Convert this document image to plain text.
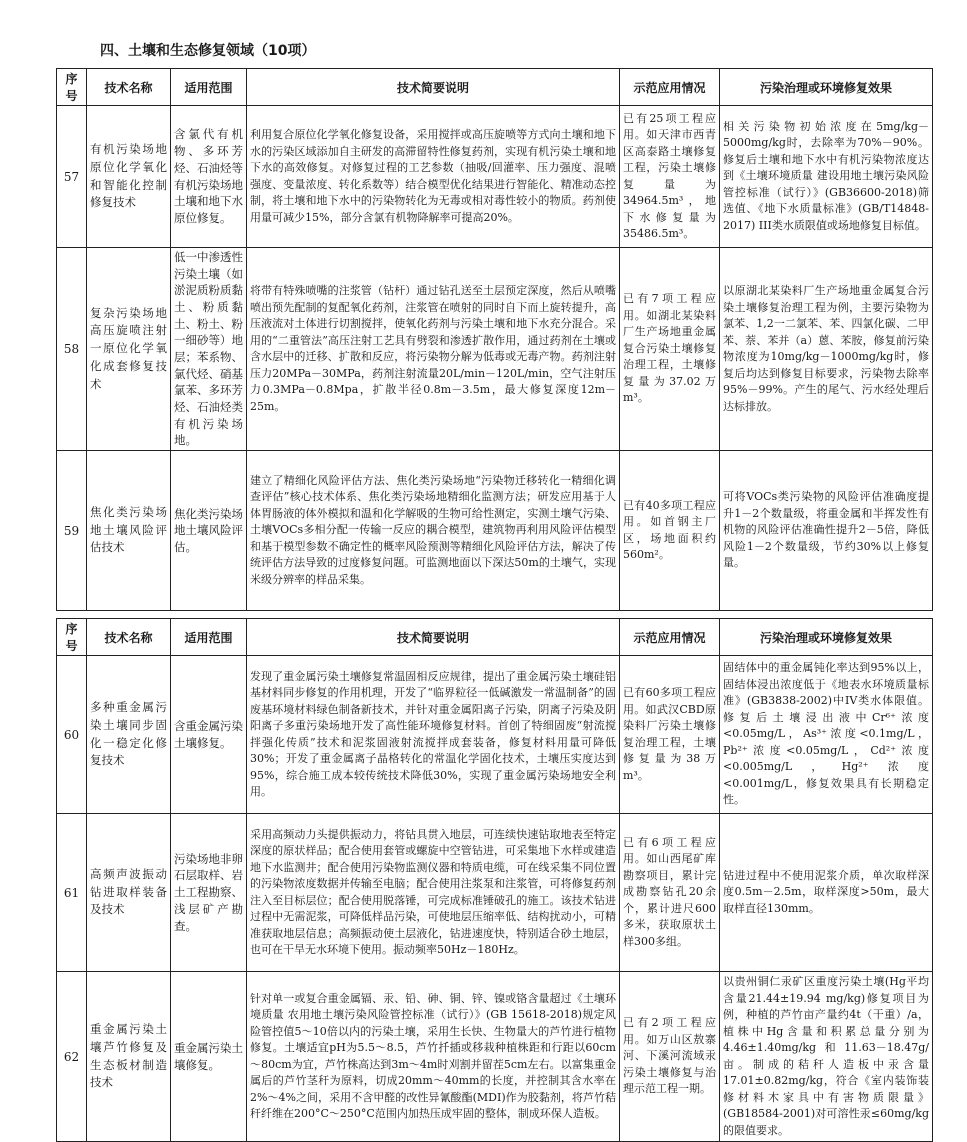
四、土壤和生态修复领域（10项）
序号	技术名称	适用范围	技术简要说明	示范应用情况	污染治理或环境修复效果
57	有机污染场地原位化学氧化和智能化控制修复技术	含氯代有机物、多环芳烃、石油烃等有机污染场地土壤和地下水原位修复。	利用复合原位化学氧化修复设备，采用搅拌或高压旋喷等方式向土壤和地下水的污染区域添加自主研发的高滞留特性修复药剂，实现有机污染土壤和地下水的高效修复。对修复过程的工艺参数（抽吸/回灌率、压力强度、混喷强度、变量浓度、转化系数等）结合模型优化结果进行智能化、精准动态控制，将土壤和地下水中的污染物转化为无毒或相对毒性较小的物质。药剂使用量可减少15%，部分含氯有机物降解率可提高20%。	已有25项工程应用。如天津市西青区高泰路土壤修复工程，污染土壤修复量为34964.5m³，地下水修复量为35486.5m³。	相关污染物初始浓度在5mg/kg－5000mg/kg时，去除率为70%－90%。修复后土壤和地下水中有机污染物浓度达到《土壤环境质量 建设用地土壤污染风险管控标准（试行）》(GB36600-2018)筛选值、《地下水质量标准》(GB/T14848-2017) III类水质限值或场地修复目标值。
58	复杂污染场地高压旋喷注射一原位化学氧化成套修复技术	低一中渗透性污染土壤（如淤泥质粉质黏土、粉质黏土、粉土、粉一细砂等）地层；苯系物、氯代烃、硝基氯苯、多环芳烃、石油烃类有机污染场地。	将带有特殊喷嘴的注浆管（钻杆）通过钻孔送至土层预定深度，然后从喷嘴喷出预先配制的复配氧化药剂，注浆管在喷射的同时自下而上旋转提升，高压液流对土体进行切割搅拌，使氧化药剂与污染土壤和地下水充分混合。采用的“二重管法”高压注射工艺具有劈裂和渗透扩散作用，通过药剂在土壤或含水层中的迁移、扩散和反应，将污染物分解为低毒或无毒产物。药剂注射压力20MPa－30MPa，药剂注射流量20L/min－120L/min，空气注射压力0.3MPa－0.8Mpa，扩散半径0.8m－3.5m，最大修复深度12m－25m。	已有7项工程应用。如湖北某染料厂生产场地重金属复合污染土壤修复治理工程，土壤修复量为37.02万m³。	以原湖北某染料厂生产场地重金属复合污染土壤修复治理工程为例，主要污染物为氯苯、1,2一二氯苯、苯、四氯化碳、二甲苯、萘、苯并（a）蒽、苯胺，修复前污染物浓度为10mg/kg－1000mg/kg时，修复后均达到修复目标要求，污染物去除率95%－99%。产生的尾气、污水经处理后达标排放。
59	焦化类污染场地土壤风险评估技术	焦化类污染场地土壤风险评估。	建立了精细化风险评估方法、焦化类污染场地“污染物迁移转化一精细化调查评估”核心技术体系、焦化类污染场地精细化监测方法；研发应用基于人体胃肠液的体外模拟和温和化学解吸的生物可给性测定，实测土壤气污染、土壤VOCs多相分配一传输一反应的耦合模型，建筑物再利用风险评估模型和基于模型参数不确定性的概率风险预测等精细化风险评估方法，解决了传统评估方法导致的过度修复问题。可监测地面以下深达50m的土壤气，实现米级分辨率的样品采集。	已有40多项工程应用。如首钢主厂区，场地面积约560m²。	可将VOCs类污染物的风险评估准确度提升1－2个数量级，将重金属和半挥发性有机物的风险评估准确性提升2－5倍，降低风险1－2个数量级，节约30%以上修复量。
序号	技术名称	适用范围	技术简要说明	示范应用情况	污染治理或环境修复效果
60	多种重金属污染土壤同步固化一稳定化修复技术	含重金属污染土壤修复。	发现了重金属污染土壤修复常温固相反应规律，提出了重金属污染土壤硅铝基材料同步修复的作用机理，开发了“临界粒径一低碱激发一常温制备”的固废基环境材料绿色制备新技术，并针对重金属阳离子污染，阴离子污染及阴阳离子多重污染场地开发了高性能环境修复材料。首创了特细固废“射流搅拌强化传质”技术和泥浆固液射流搅拌成套装备，修复材料用量可降低30%；开发了重金属离子晶格转化的常温化学固化技术，土壤压实度达到95%，综合施工成本较传统技术降低30%，实现了重金属污染场地安全利用。	已有60多项工程应用。如武汉CBD原染料厂污染土壤修复治理工程，土壤修复量为38万m³。	固结体中的重金属钝化率达到95%以上，固结体浸出浓度低于《地表水环境质量标准》(GB3838-2002)中IV类水体限值。修复后土壤浸出液中Cr⁶⁺浓度<0.05mg/L，As³⁺浓度<0.1mg/L，Pb²⁺浓度<0.05mg/L，Cd²⁺浓度<0.005mg/L，Hg²⁺浓度<0.001mg/L，修复效果具有长期稳定性。
61	高频声波振动钻进取样装备及技术	污染场地非卵石层取样、岩土工程勘察、浅层矿产勘查。	采用高频动力头提供振动力，将钻具贯入地层，可连续快速钻取地表至特定深度的原状样品；配合使用套管或螺旋中空管钻进，可采集地下水样或建造地下水监测井；配合使用污染物监测仪器和特质电缆，可在线采集不同位置的污染物浓度数据并传输至电脑；配合使用注浆泵和注浆管，可将修复药剂注入至目标层位；配合使用脱落锤，可完成标准锤破孔的施工。该技术钻进过程中无需泥浆，可降低样品污染，可使地层压缩率低、结构扰动小，可精准获取地层信息；高频振动使土层液化，钻进速度快，特别适合砂土地层，也可在干旱无水环境下使用。振动频率50Hz－180Hz。	已有6项工程应用。如山西尾矿库勘察项目，累计完成勘察钻孔20余个，累计进尺600多米，获取原状土样300多组。	钻进过程中不使用泥浆介质，单次取样深度0.5m－2.5m，取样深度>50m，最大取样直径130mm。
62	重金属污染土壤芦竹修复及生态板材制造技术	重金属污染土壤修复。	针对单一或复合重金属镉、汞、铅、砷、铜、锌、镍或铬含量超过《土壤环境质量 农用地土壤污染风险管控标准（试行）》(GB 15618-2018)规定风险管控值5～10倍以内的污染土壤，采用生长快、生物量大的芦竹进行植物修复。土壤适宜pH为5.5～8.5，芦竹扦插或移栽种植株距和行距以60cm～80cm为宜，芦竹株高达到3m～4m时刈割并留茬5cm左右。以富集重金属后的芦竹茎秆为原料，切成20mm～40mm的长度，并控制其含水率在2%～4%之间，采用不含甲醛的改性异氰酸酯(MDI)作为胶黏剂，将芦竹秸秆纤维在200°C～250°C范围内加热压成牢固的整体，制成环保人造板。	已有2项工程应用。如万山区敖寨河、下溪河流域汞污染土壤修复与治理示范工程一期。	以贵州铜仁汞矿区重度污染土壤(Hg平均含量21.44±19.94 mg/kg)修复项目为例，种植的芦竹亩产量约4t（干重）/a，植株中Hg含量和积累总量分别为4.46±1.40mg/kg和11.63－18.47g/亩。制成的秸秆人造板中汞含量17.01±0.82mg/kg，符合《室内装饰装修材料木家具中有害物质限量》(GB18584-2001)对可溶性汞≤60mg/kg的限值要求。
